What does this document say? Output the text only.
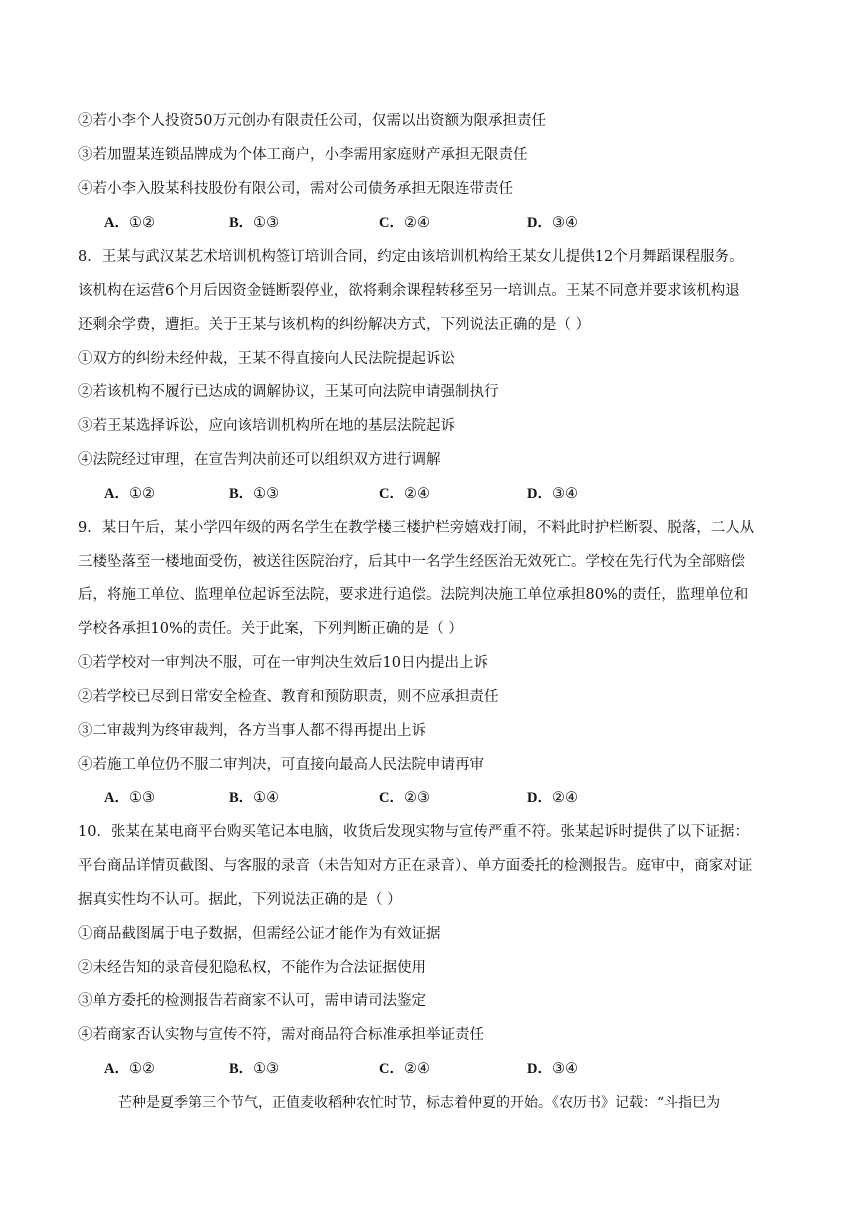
②若小李个人投资50万元创办有限责任公司，仅需以出资额为限承担责任
③若加盟某连锁品牌成为个体工商户，小李需用家庭财产承担无限责任
④若小李入股某科技股份有限公司，需对公司债务承担无限连带责任
A．①②	B．①③	C．②④	D．③④
8．王某与武汉某艺术培训机构签订培训合同，约定由该培训机构给王某女儿提供12个月舞蹈课程服务。
该机构在运营6个月后因资金链断裂停业，欲将剩余课程转移至另一培训点。王某不同意并要求该机构退
还剩余学费，遭拒。关于王某与该机构的纠纷解决方式，下列说法正确的是（ ）
①双方的纠纷未经仲裁，王某不得直接向人民法院提起诉讼
②若该机构不履行已达成的调解协议，王某可向法院申请强制执行
③若王某选择诉讼，应向该培训机构所在地的基层法院起诉
④法院经过审理，在宣告判决前还可以组织双方进行调解
A．①②	B．①③	C．②④	D．③④
9．某日午后，某小学四年级的两名学生在教学楼三楼护栏旁嬉戏打闹，不料此时护栏断裂、脱落，二人从
三楼坠落至一楼地面受伤，被送往医院治疗，后其中一名学生经医治无效死亡。学校在先行代为全部赔偿
后，将施工单位、监理单位起诉至法院，要求进行追偿。法院判决施工单位承担80%的责任，监理单位和
学校各承担10%的责任。关于此案，下列判断正确的是（ ）
①若学校对一审判决不服，可在一审判决生效后10日内提出上诉
②若学校已尽到日常安全检查、教育和预防职责，则不应承担责任
③二审裁判为终审裁判，各方当事人都不得再提出上诉
④若施工单位仍不服二审判决，可直接向最高人民法院申请再审
A．①③	B．①④	C．②③	D．②④
10．张某在某电商平台购买笔记本电脑，收货后发现实物与宣传严重不符。张某起诉时提供了以下证据：
平台商品详情页截图、与客服的录音（未告知对方正在录音）、单方面委托的检测报告。庭审中，商家对证
据真实性均不认可。据此，下列说法正确的是（ ）
①商品截图属于电子数据，但需经公证才能作为有效证据
②未经告知的录音侵犯隐私权，不能作为合法证据使用
③单方委托的检测报告若商家不认可，需申请司法鉴定
④若商家否认实物与宣传不符，需对商品符合标准承担举证责任
A．①②	B．①③	C．②④	D．③④
芒种是夏季第三个节气，正值麦收稻种农忙时节，标志着仲夏的开始。《农历书》记载：“斗指巳为
